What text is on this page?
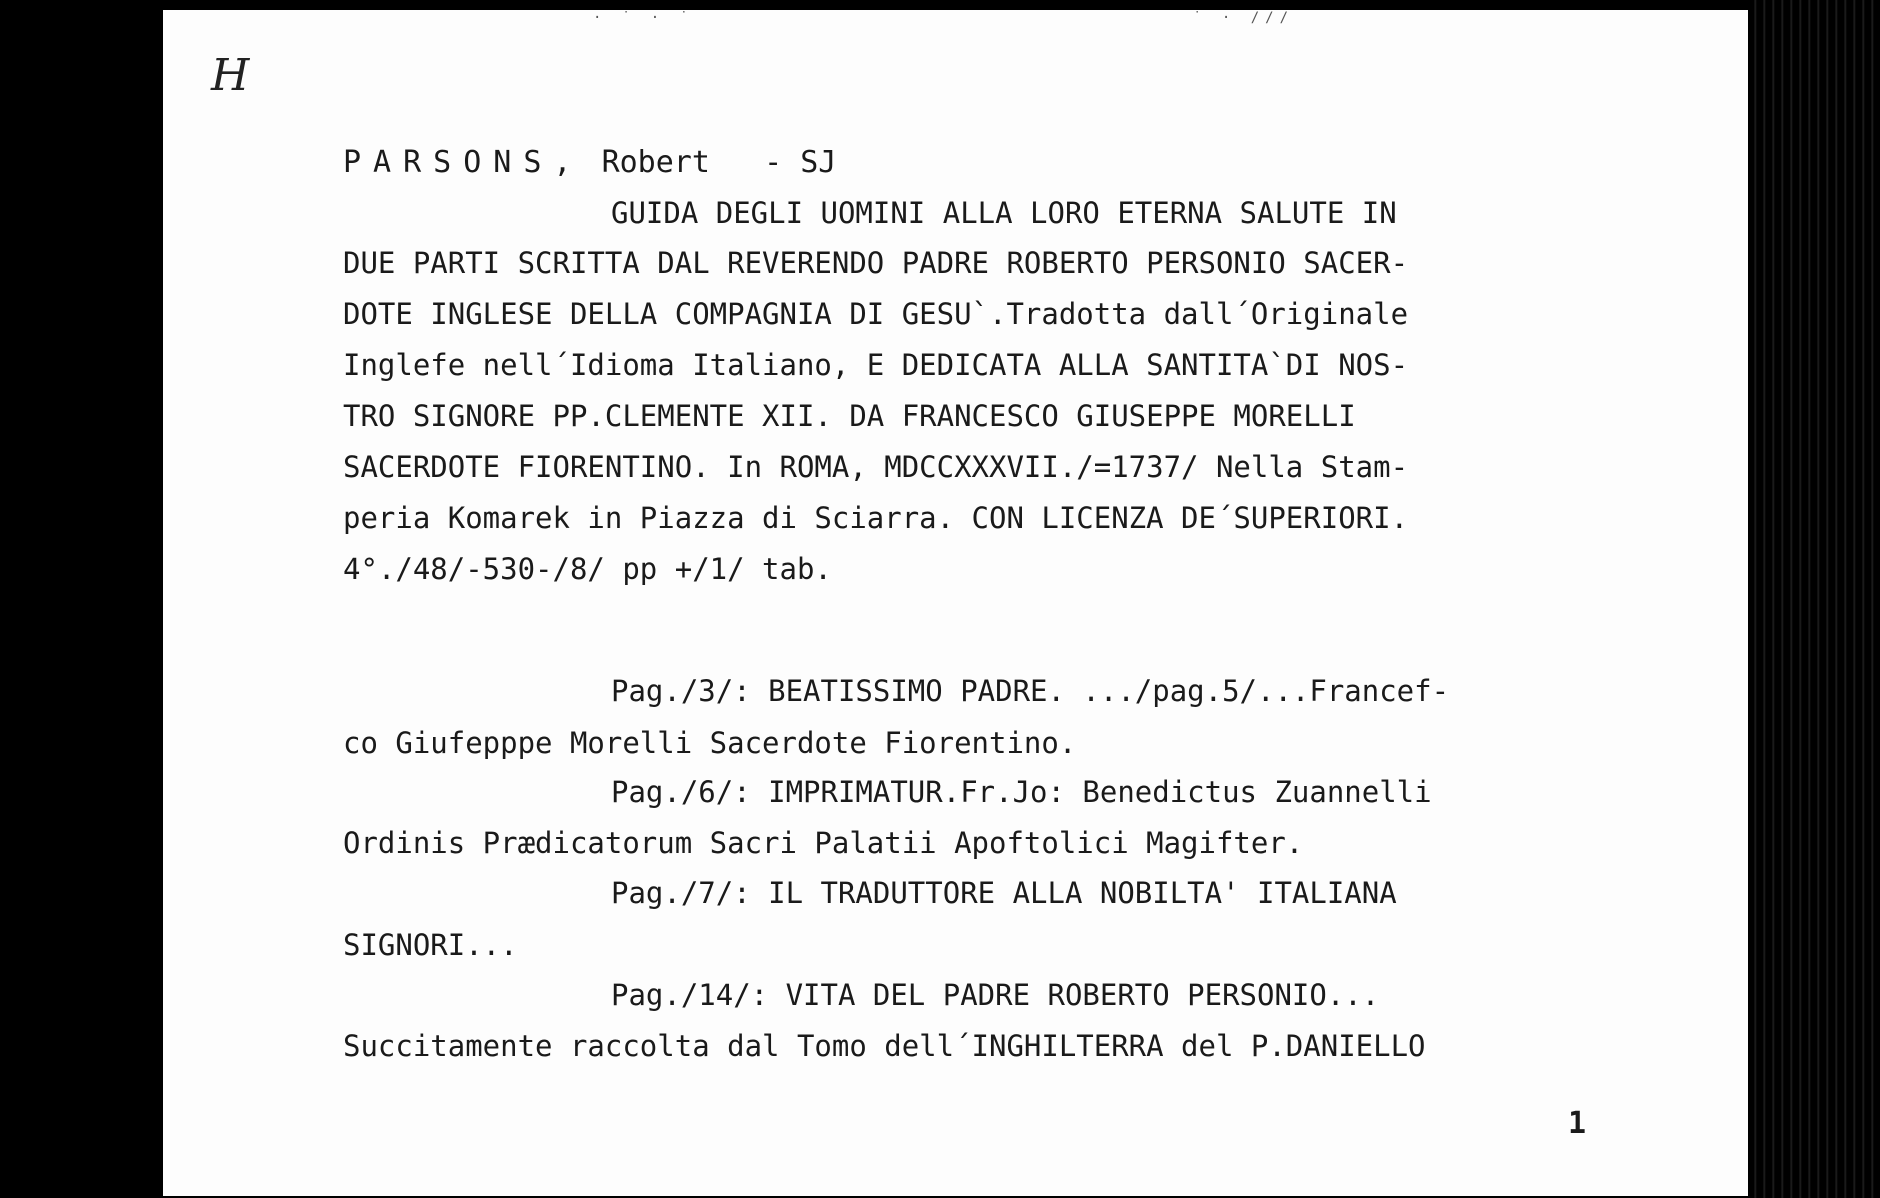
· ˙ · ˙	˙ · ///
H
PARSONS, Robert - SJ
GUIDA DEGLI UOMINI ALLA LORO ETERNA SALUTE IN
DUE PARTI SCRITTA DAL REVERENDO PADRE ROBERTO PERSONIO SACER-
DOTE INGLESE DELLA COMPAGNIA DI GESU`.Tradotta dall´Originale
Inglefe nell´Idioma Italiano, E DEDICATA ALLA SANTITA`DI NOS-
TRO SIGNORE PP.CLEMENTE XII. DA FRANCESCO GIUSEPPE MORELLI
SACERDOTE FIORENTINO. In ROMA, MDCCXXXVII./=1737/ Nella Stam-
peria Komarek in Piazza di Sciarra. CON LICENZA DE´SUPERIORI.
4°./48/-530-/8/ pp +/1/ tab.
Pag./3/: BEATISSIMO PADRE. .../pag.5/...Francef-
co Giufepppe Morelli Sacerdote Fiorentino.
Pag./6/: IMPRIMATUR.Fr.Jo: Benedictus Zuannelli
Ordinis Prædicatorum Sacri Palatii Apoftolici Magifter.
Pag./7/: IL TRADUTTORE ALLA NOBILTA' ITALIANA
SIGNORI...
Pag./14/: VITA DEL PADRE ROBERTO PERSONIO...
Succitamente raccolta dal Tomo dell´INGHILTERRA del P.DANIELLO
1
